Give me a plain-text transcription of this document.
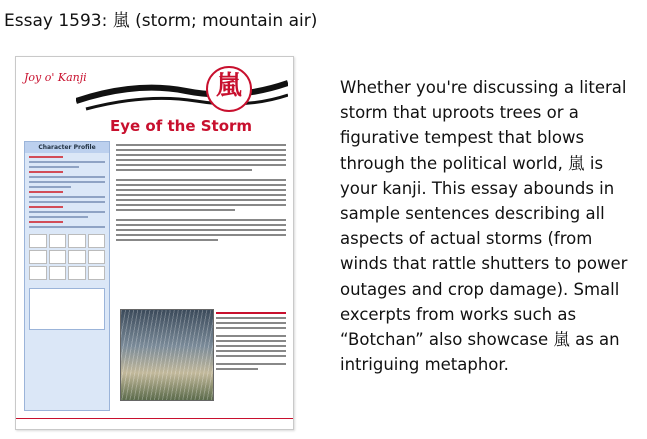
Essay 1593: 嵐 (storm; mountain air)
Joy o' Kanji	嵐
Eye of the Storm
Character Profile
Whether you're discussing a literal storm that uproots trees or a figurative tempest that blows through the political world, 嵐 is your kanji. This essay abounds in sample sentences describing all aspects of actual storms (from winds that rattle shutters to power outages and crop damage). Small excerpts from works such as “Botchan” also showcase 嵐 as an intriguing metaphor.
